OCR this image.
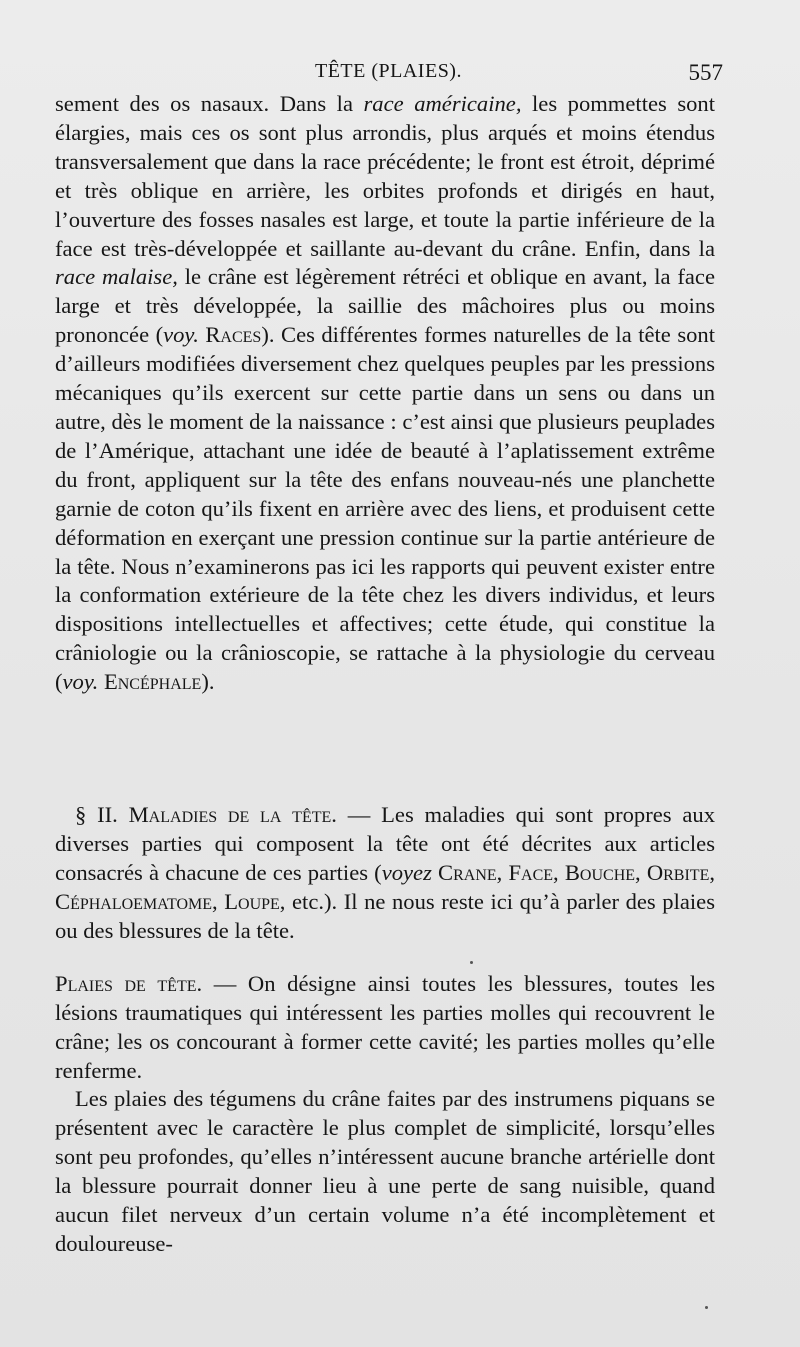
TÊTE (PLAIES).	557

sement des os nasaux. Dans la race américaine, les pommettes sont élargies, mais ces os sont plus arrondis, plus arqués et moins étendus transversalement que dans la race précédente; le front est étroit, déprimé et très oblique en arrière, les orbites profonds et dirigés en haut, l’ouverture des fosses nasales est large, et toute la partie inférieure de la face est très-développée et saillante au-devant du crâne. Enfin, dans la race malaise, le crâne est légèrement rétréci et oblique en avant, la face large et très développée, la saillie des mâchoires plus ou moins prononcée (voy. Races). Ces différentes formes naturelles de la tête sont d’ailleurs modifiées diversement chez quelques peuples par les pressions mécaniques qu’ils exercent sur cette partie dans un sens ou dans un autre, dès le moment de la naissance : c’est ainsi que plusieurs peuplades de l’Amérique, attachant une idée de beauté à l’aplatissement extrême du front, appliquent sur la tête des enfans nouveau-nés une planchette garnie de coton qu’ils fixent en arrière avec des liens, et produisent cette déformation en exerçant une pression continue sur la partie antérieure de la tête. Nous n’examinerons pas ici les rapports qui peuvent exister entre la conformation extérieure de la tête chez les divers individus, et leurs dispositions intellectuelles et affectives; cette étude, qui constitue la crâniologie ou la crânioscopie, se rattache à la physiologie du cerveau (voy. Encéphale).

§ II. Maladies de la tête. — Les maladies qui sont propres aux diverses parties qui composent la tête ont été décrites aux articles consacrés à chacune de ces parties (voyez Crane, Face, Bouche, Orbite, Céphaloematome, Loupe, etc.). Il ne nous reste ici qu’à parler des plaies ou des blessures de la tête.

Plaies de tête. — On désigne ainsi toutes les blessures, toutes les lésions traumatiques qui intéressent les parties molles qui recouvrent le crâne; les os concourant à former cette cavité; les parties molles qu’elle renferme.

Les plaies des tégumens du crâne faites par des instrumens piquans se présentent avec le caractère le plus complet de simplicité, lorsqu’elles sont peu profondes, qu’elles n’intéressent aucune branche artérielle dont la blessure pourrait donner lieu à une perte de sang nuisible, quand aucun filet nerveux d’un certain volume n’a été incomplètement et douloureuse-
